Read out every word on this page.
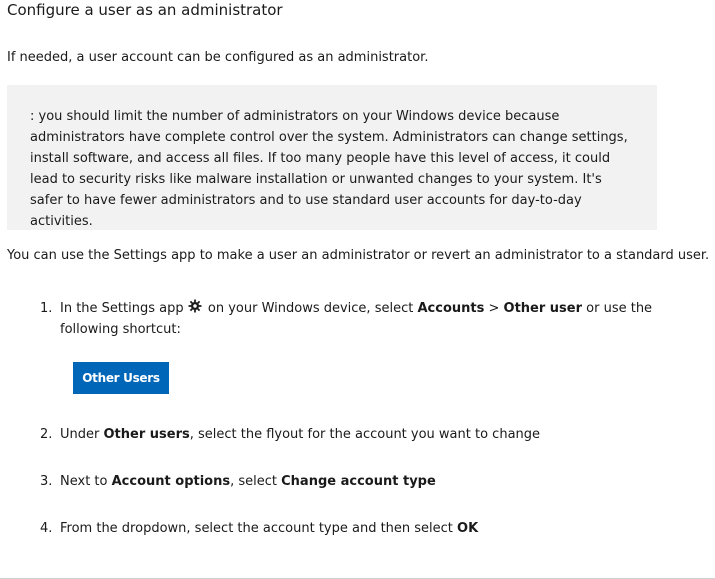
Configure a user as an administrator

If needed, a user account can be configured as an administrator.

: you should limit the number of administrators on your Windows device because administrators have complete control over the system. Administrators can change settings, install software, and access all files. If too many people have this level of access, it could lead to security risks like malware installation or unwanted changes to your system. It's safer to have fewer administrators and to use standard user accounts for day-to-day activities.

You can use the Settings app to make a user an administrator or revert an administrator to a standard user.

1. In the Settings app  on your Windows device, select Accounts > Other user or use the following shortcut:
2. Under Other users, select the flyout for the account you want to change
3. Next to Account options, select Change account type
4. From the dropdown, select the account type and then select OK
Other Users
